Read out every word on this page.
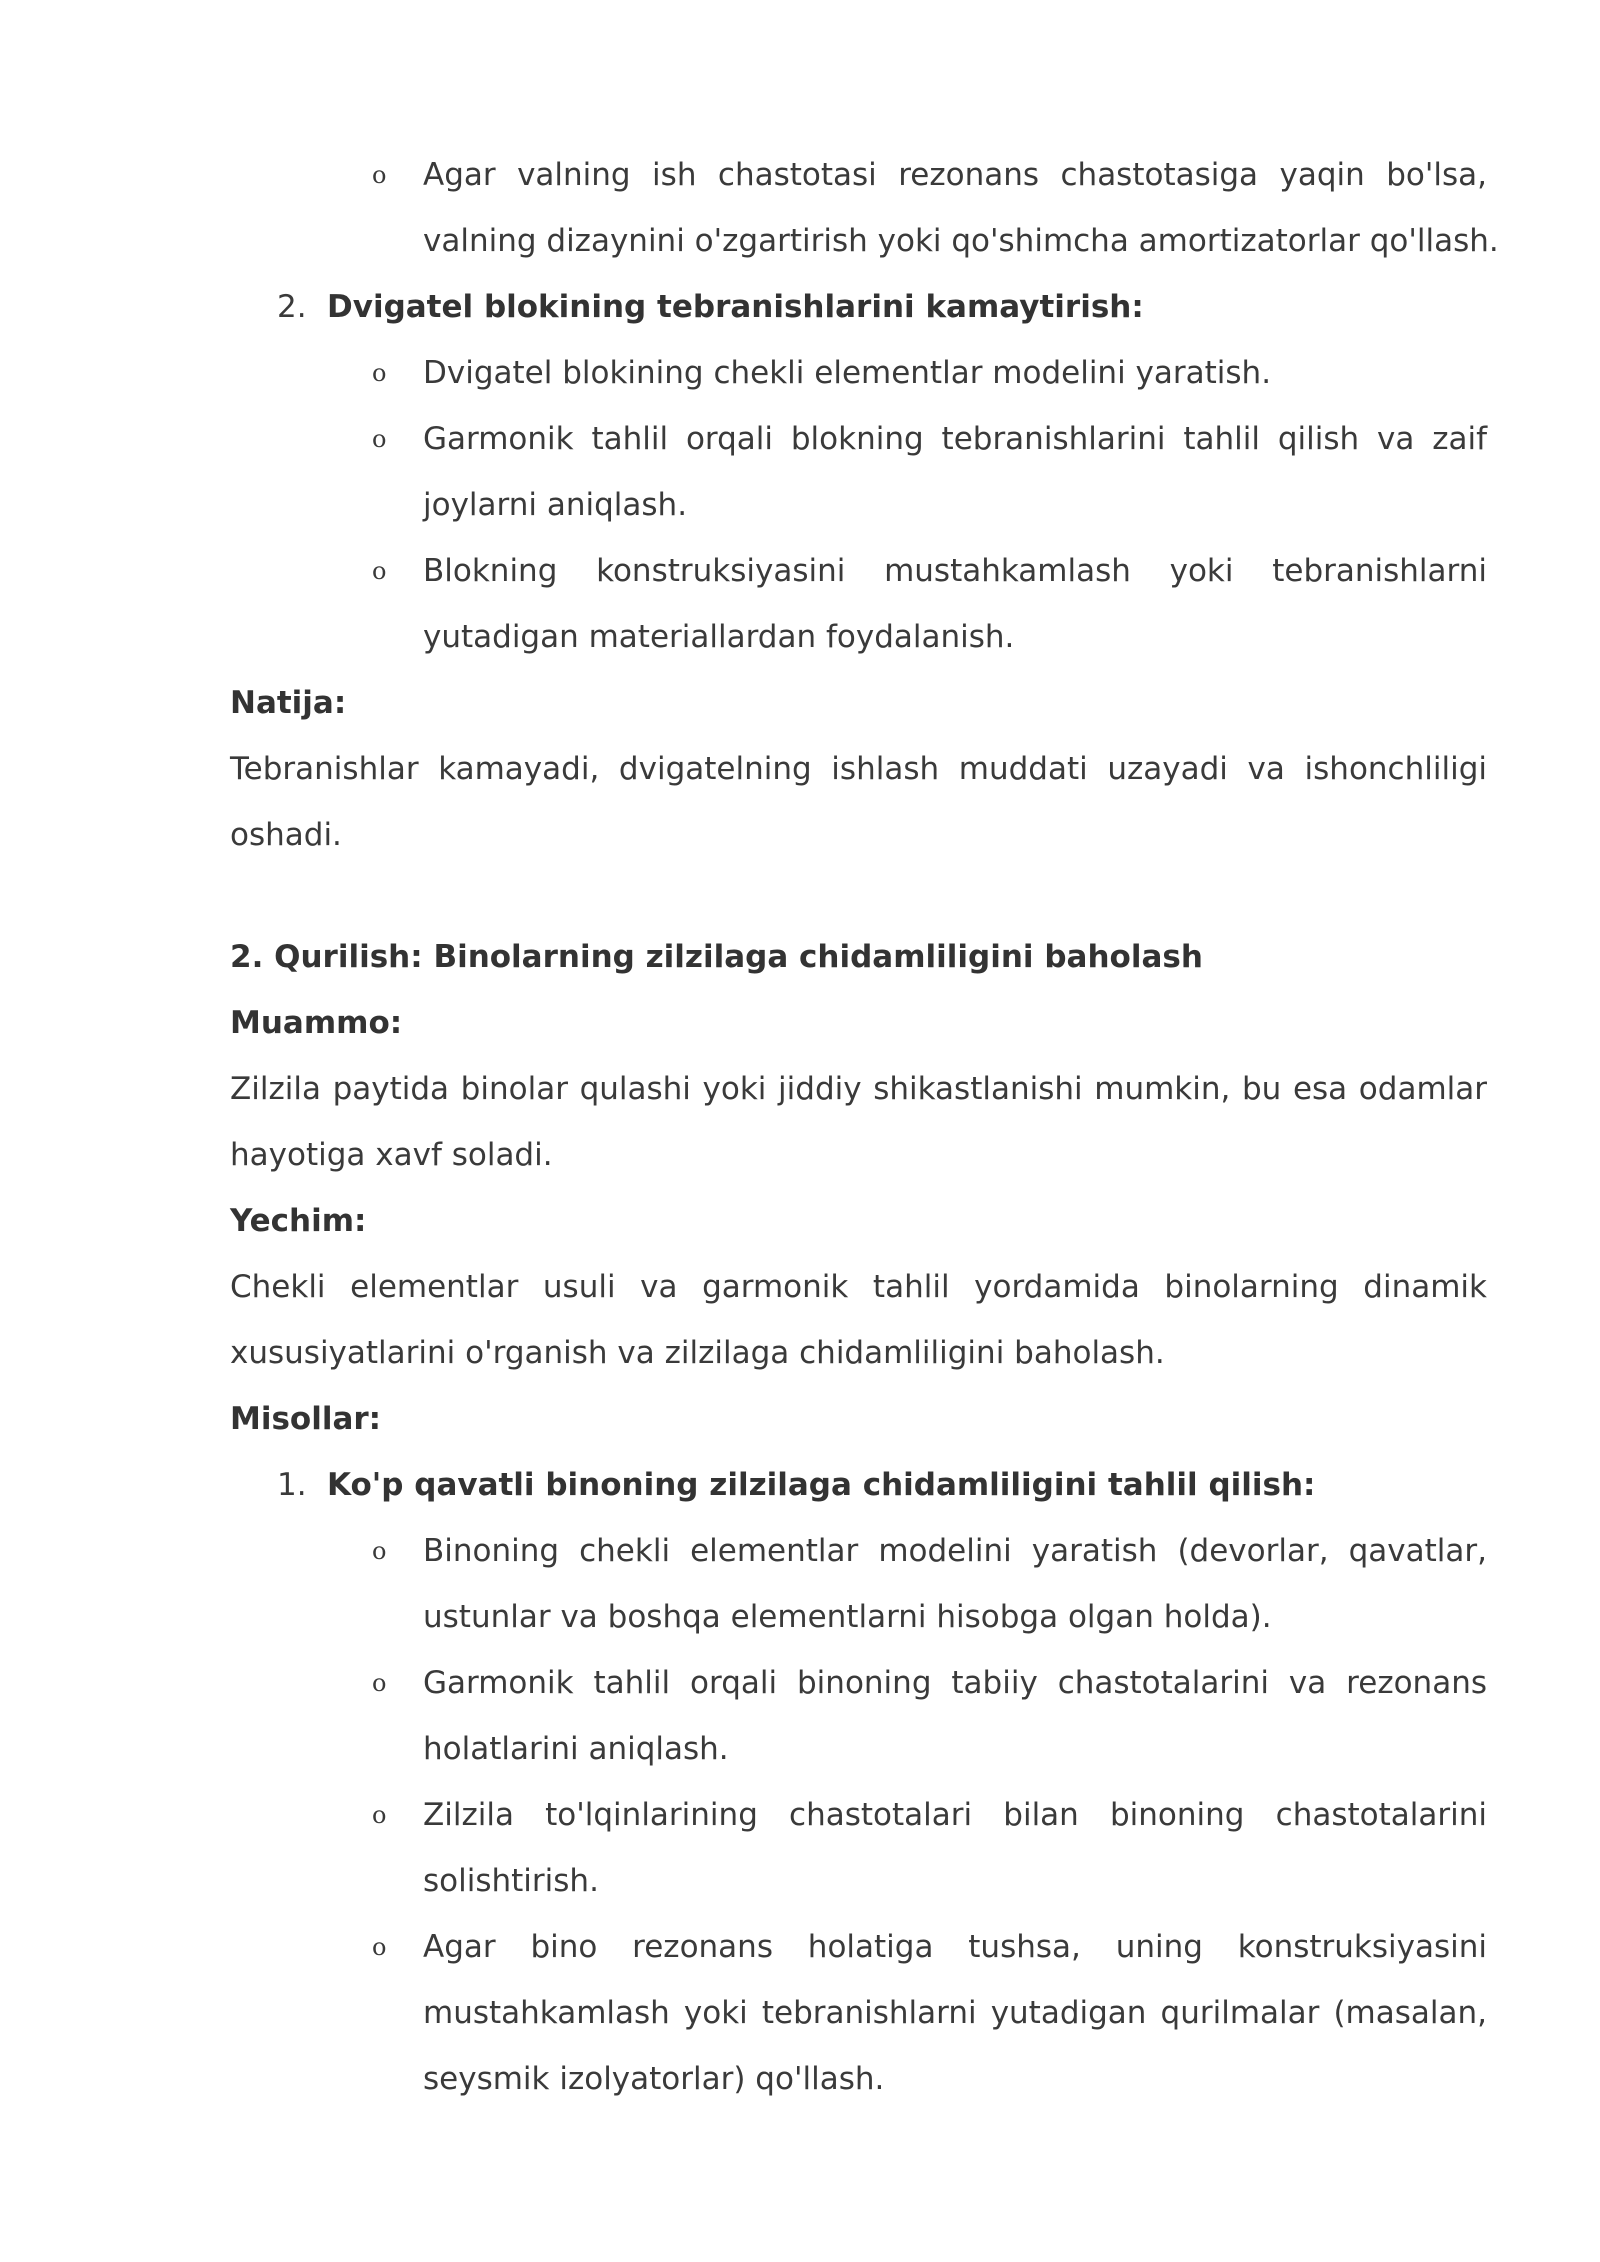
o	Agar valning ish chastotasi rezonans chastotasiga yaqin bo'lsa,
valning dizaynini o'zgartirish yoki qo'shimcha amortizatorlar qo'llash.
2. Dvigatel blokining tebranishlarini kamaytirish:
o	Dvigatel blokining chekli elementlar modelini yaratish.
o	Garmonik tahlil orqali blokning tebranishlarini tahlil qilish va zaif
joylarni aniqlash.
o	Blokning konstruksiyasini mustahkamlash yoki tebranishlarni
yutadigan materiallardan foydalanish.
Natija:
Tebranishlar kamayadi, dvigatelning ishlash muddati uzayadi va ishonchliligi
oshadi.
2. Qurilish: Binolarning zilzilaga chidamliligini baholash
Muammo:
Zilzila paytida binolar qulashi yoki jiddiy shikastlanishi mumkin, bu esa odamlar
hayotiga xavf soladi.
Yechim:
Chekli elementlar usuli va garmonik tahlil yordamida binolarning dinamik
xususiyatlarini o'rganish va zilzilaga chidamliligini baholash.
Misollar:
1. Ko'p qavatli binoning zilzilaga chidamliligini tahlil qilish:
o	Binoning chekli elementlar modelini yaratish (devorlar, qavatlar,
ustunlar va boshqa elementlarni hisobga olgan holda).
o	Garmonik tahlil orqali binoning tabiiy chastotalarini va rezonans
holatlarini aniqlash.
o	Zilzila to'lqinlarining chastotalari bilan binoning chastotalarini
solishtirish.
o	Agar bino rezonans holatiga tushsa, uning konstruksiyasini
mustahkamlash yoki tebranishlarni yutadigan qurilmalar (masalan,
seysmik izolyatorlar) qo'llash.
